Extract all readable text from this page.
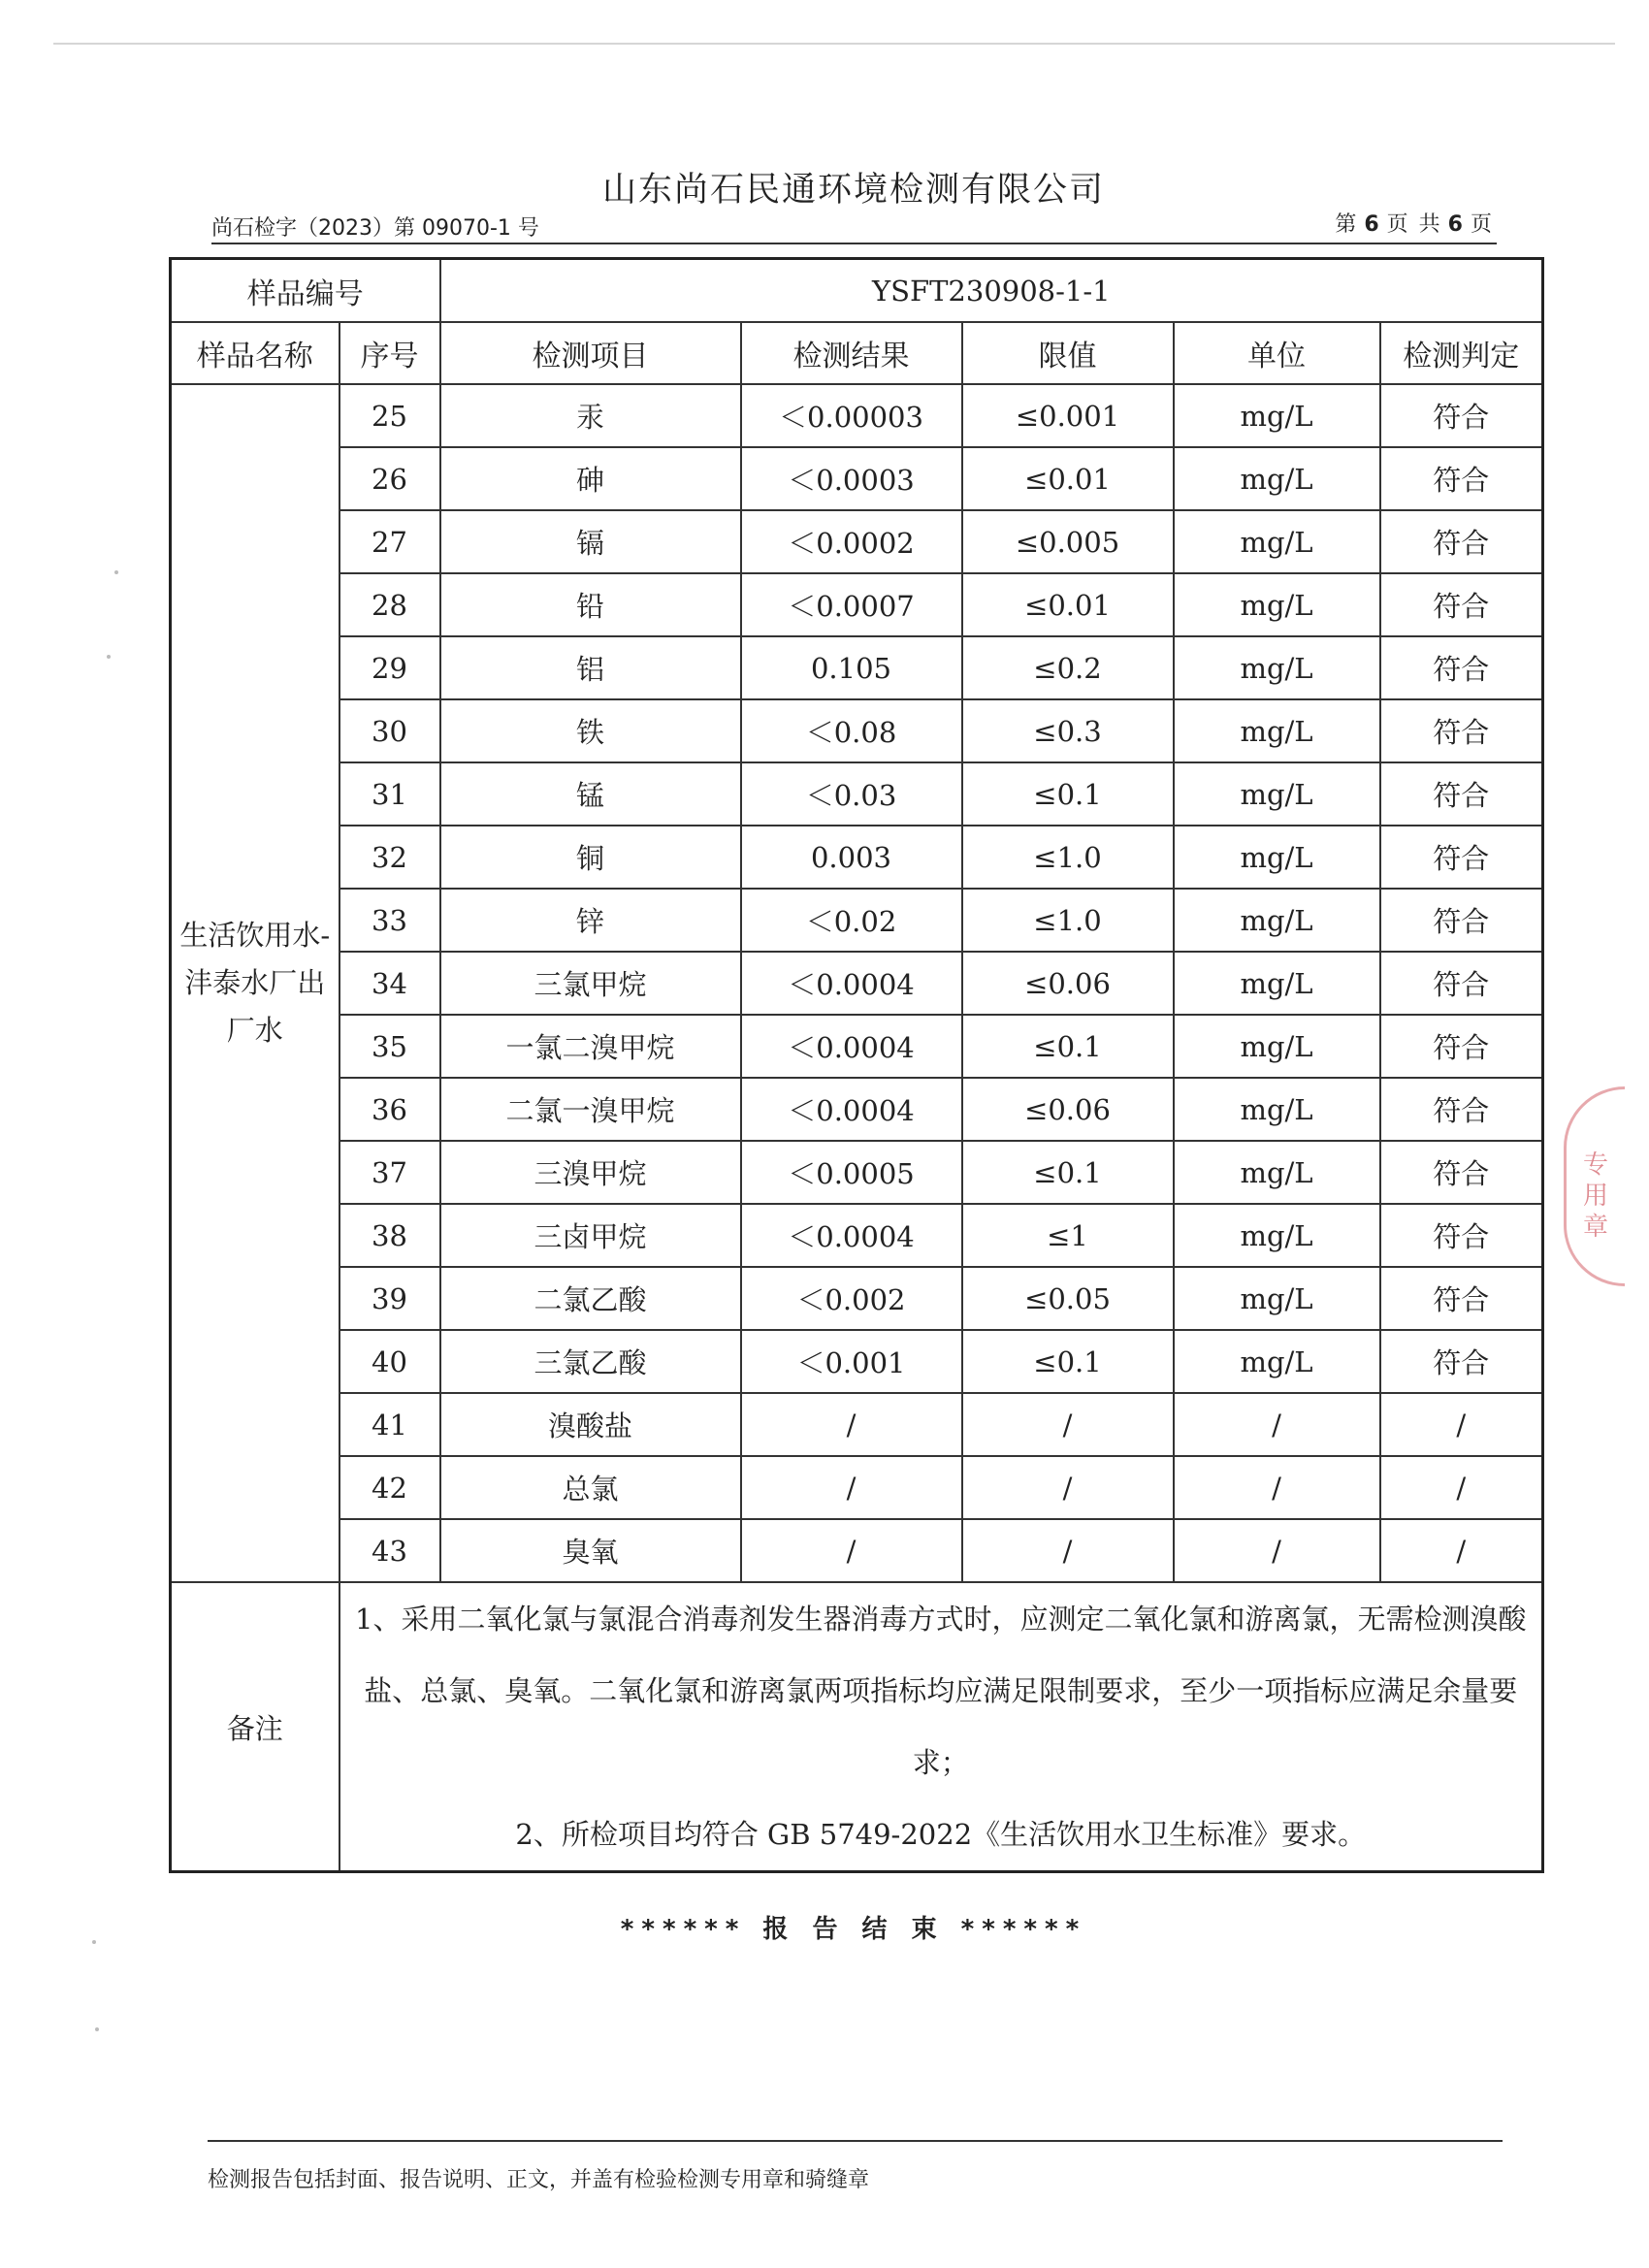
山东尚石民通环境检测有限公司
尚石检字（2023）第 09070-1 号	第 6 页 共 6 页
样品编号		YSFT230908-1-1				
样品名称	序号	检测项目	检测结果	限值	单位	检测判定
生活饮用水-沣泰水厂出厂水	25	汞	＜0.00003	≤0.001	mg/L	符合
	26	砷	＜0.0003	≤0.01	mg/L	符合
	27	镉	＜0.0002	≤0.005	mg/L	符合
	28	铅	＜0.0007	≤0.01	mg/L	符合
	29	铝	0.105	≤0.2	mg/L	符合
	30	铁	＜0.08	≤0.3	mg/L	符合
	31	锰	＜0.03	≤0.1	mg/L	符合
	32	铜	0.003	≤1.0	mg/L	符合
	33	锌	＜0.02	≤1.0	mg/L	符合
	34	三氯甲烷	＜0.0004	≤0.06	mg/L	符合
	35	一氯二溴甲烷	＜0.0004	≤0.1	mg/L	符合
	36	二氯一溴甲烷	＜0.0004	≤0.06	mg/L	符合
	37	三溴甲烷	＜0.0005	≤0.1	mg/L	符合
	38	三卤甲烷	＜0.0004	≤1	mg/L	符合
	39	二氯乙酸	＜0.002	≤0.05	mg/L	符合
	40	三氯乙酸	＜0.001	≤0.1	mg/L	符合
	41	溴酸盐	/	/	/	/
	42	总氯	/	/	/	/
	43	臭氧	/	/	/	/
备注	1、采用二氧化氯与氯混合消毒剂发生器消毒方式时，应测定二氧化氯和游离氯，无需检测溴酸盐、总氯、臭氧。二氧化氯和游离氯两项指标均应满足限制要求，至少一项指标应满足余量要求；

2、所检项目均符合 GB 5749-2022《生活饮用水卫生标准》要求。					

专用章
****** 报 告 结 束 ******
检测报告包括封面、报告说明、正文，并盖有检验检测专用章和骑缝章
